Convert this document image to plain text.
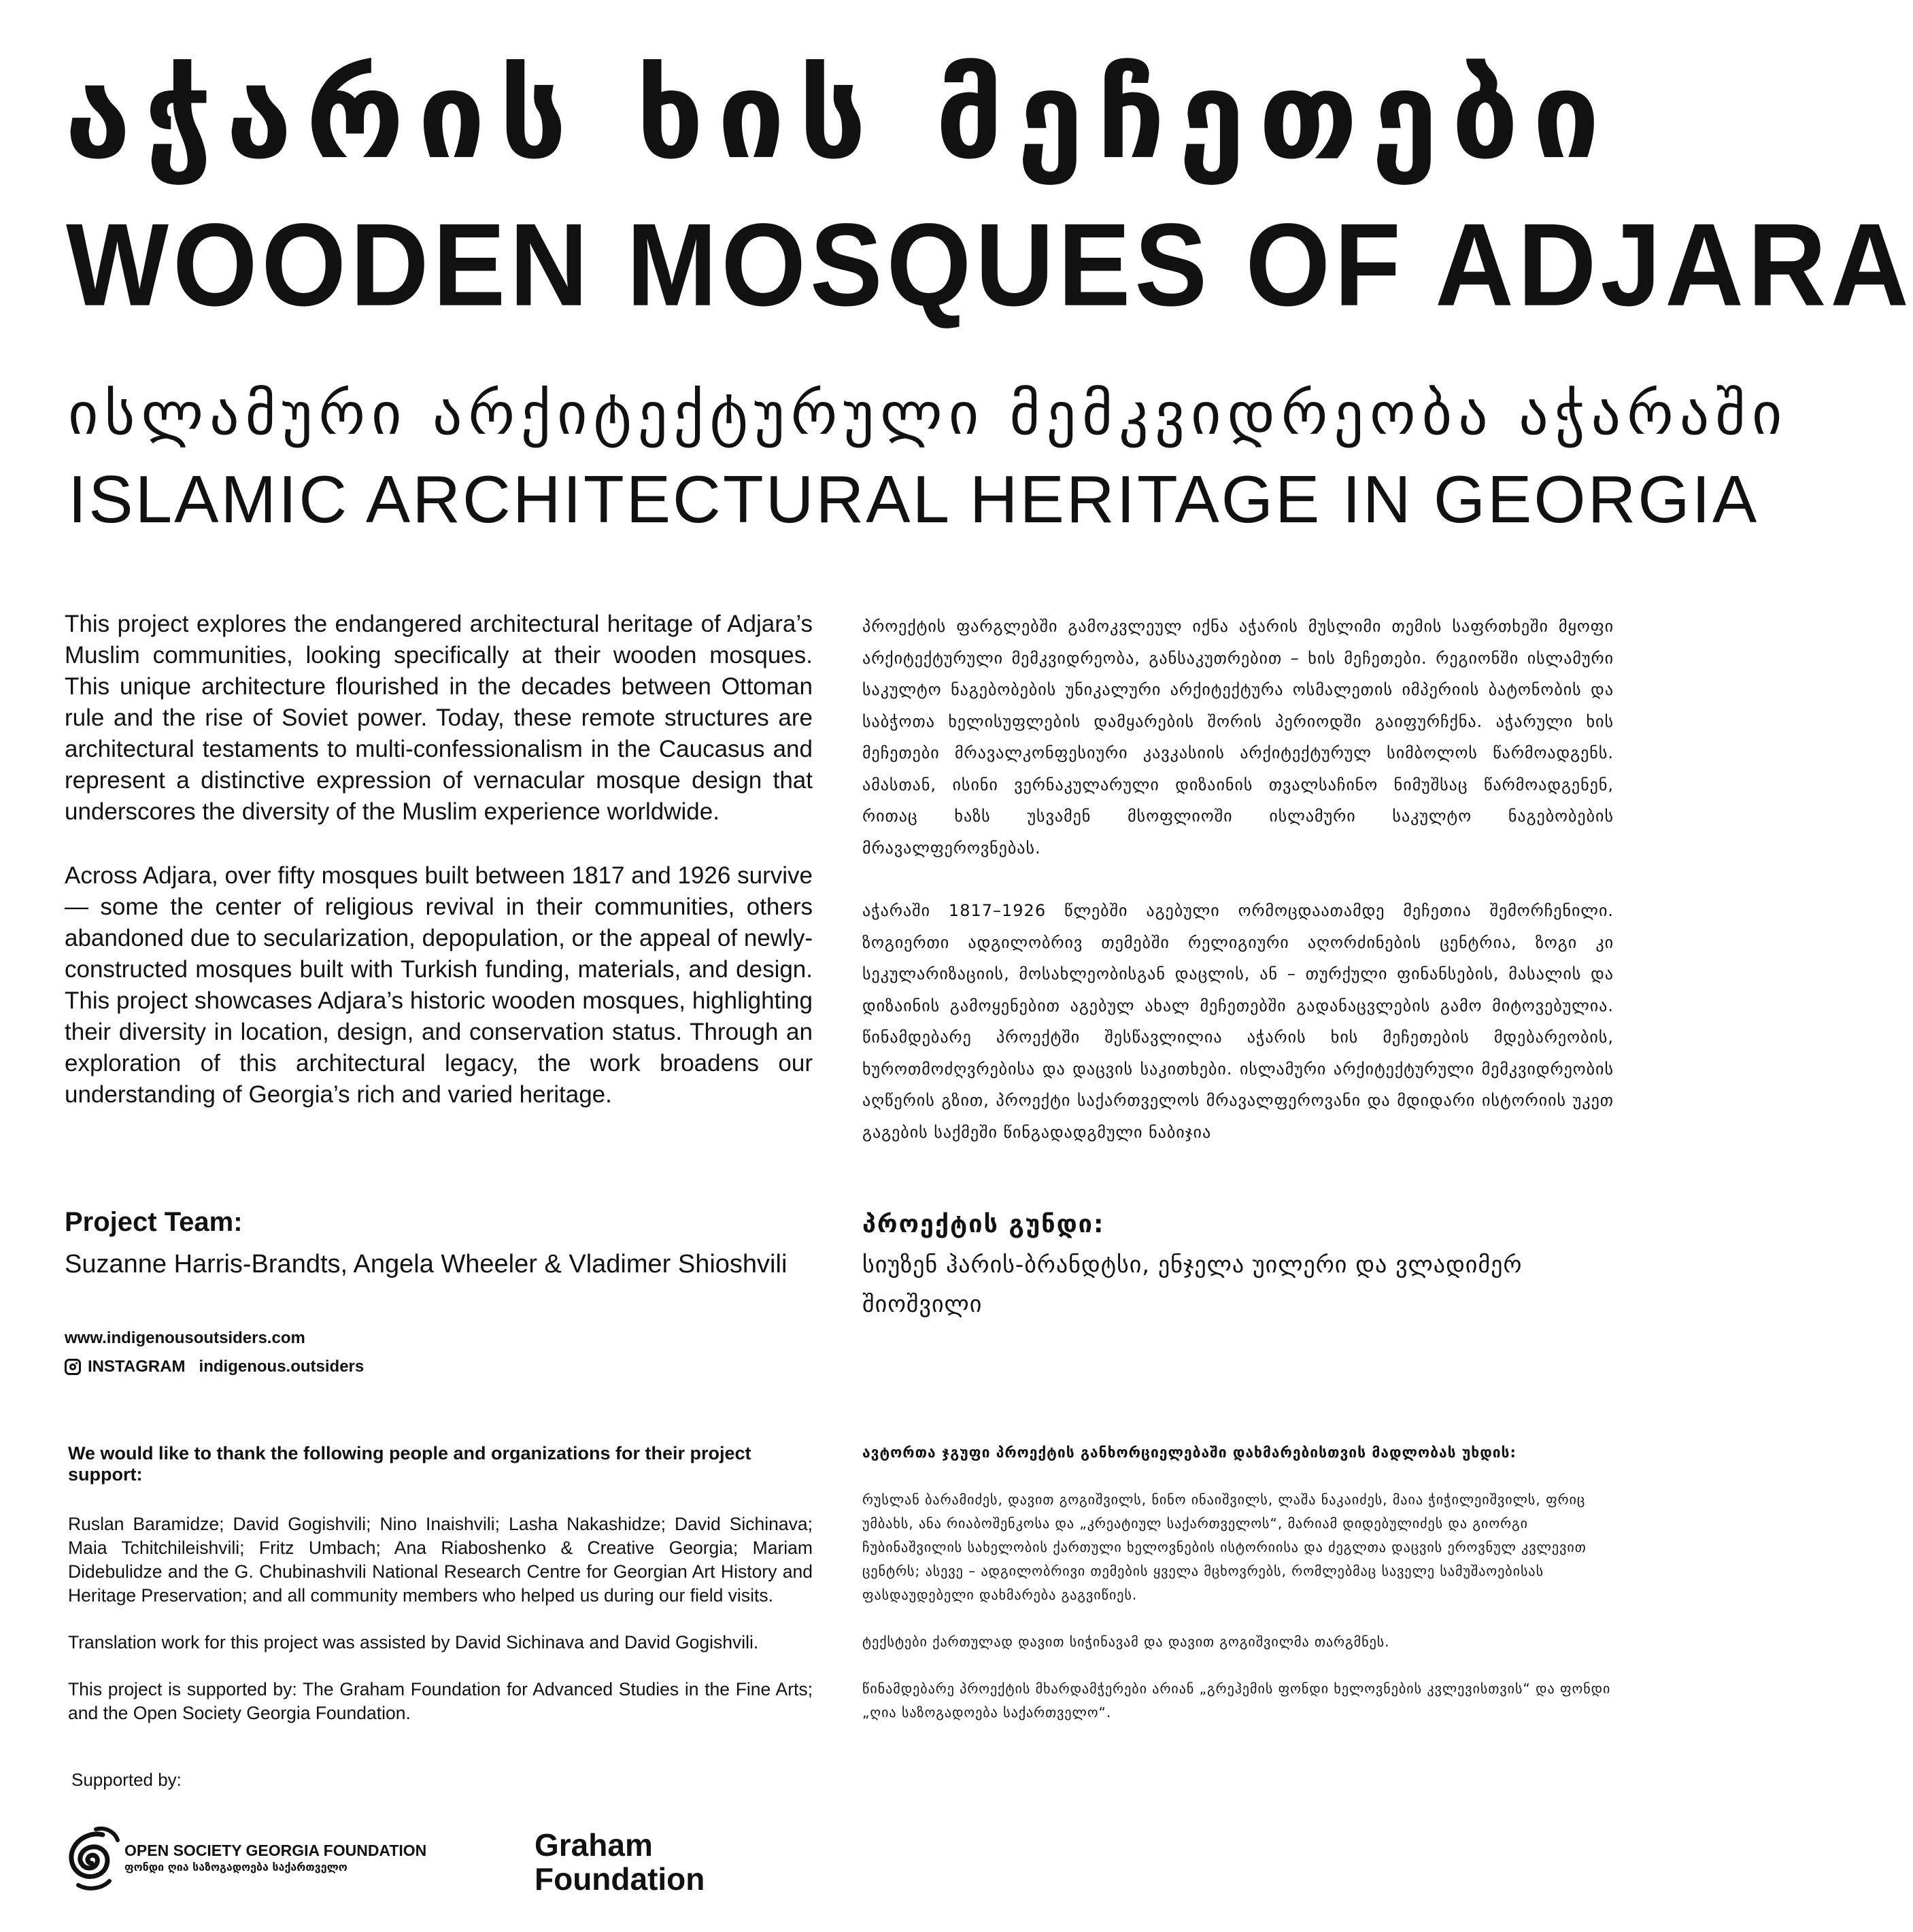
აჭარის ხის მეჩეთები
WOODEN MOSQUES OF ADJARA
ისლამური არქიტექტურული მემკვიდრეობა აჭარაში
ISLAMIC ARCHITECTURAL HERITAGE IN GEORGIA

This project explores the endangered architectural heritage of Adjara’s Muslim communities, looking specifically at their wooden mosques. This unique architecture flourished in the decades between Ottoman rule and the rise of Soviet power. Today, these remote structures are architectural testaments to multi-confessionalism in the Caucasus and represent a distinctive expression of vernacular mosque design that underscores the diversity of the Muslim experience worldwide.

Across Adjara, over fifty mosques built between 1817 and 1926 survive — some the center of religious revival in their communities, others abandoned due to secularization, depopulation, or the appeal of newly-constructed mosques built with Turkish funding, materials, and design. This project showcases Adjara’s historic wooden mosques, highlighting their diversity in location, design, and conservation status. Through an exploration of this architectural legacy, the work broadens our understanding of Georgia’s rich and varied heritage.

პროექტის ფარგლებში გამოკვლეულ იქნა აჭარის მუსლიმი თემის საფრთხეში მყოფი არქიტექტურული მემკვიდრეობა, განსაკუთრებით – ხის მეჩეთები. რეგიონში ისლამური საკულტო ნაგებობების უნიკალური არქიტექტურა ოსმალეთის იმპერიის ბატონობის და საბჭოთა ხელისუფლების დამყარების შორის პერიოდში გაიფურჩქნა. აჭარული ხის მეჩეთები მრავალკონფესიური კავკასიის არქიტექტურულ სიმბოლოს წარმოადგენს. ამასთან, ისინი ვერნაკულარული დიზაინის თვალსაჩინო ნიმუშსაც წარმოადგენენ, რითაც ხაზს უსვამენ მსოფლიოში ისლამური საკულტო ნაგებობების მრავალფეროვნებას.

აჭარაში 1817–1926 წლებში აგებული ორმოცდაათამდე მეჩეთია შემორჩენილი. ზოგიერთი ადგილობრივ თემებში რელიგიური აღორძინების ცენტრია, ზოგი კი სეკულარიზაციის, მოსახლეობისგან დაცლის, ან – თურქული ფინანსების, მასალის და დიზაინის გამოყენებით აგებულ ახალ მეჩეთებში გადანაცვლების გამო მიტოვებულია. წინამდებარე პროექტში შესწავლილია აჭარის ხის მეჩეთების მდებარეობის, ხუროთმოძღვრებისა და დაცვის საკითხები. ისლამური არქიტექტურული მემკვიდრეობის აღწერის გზით, პროექტი საქართველოს მრავალფეროვანი და მდიდარი ისტორიის უკეთ გაგების საქმეში წინგადადგმული ნაბიჯია

Project Team:
Suzanne Harris-Brandts, Angela Wheeler & Vladimer Shioshvili
პროექტის გუნდი:
სიუზენ ჰარის-ბრანდტსი, ენჯელა უილერი და ვლადიმერ შიოშვილი
www.indigenousoutsiders.com
INSTAGRAM indigenous.outsiders
We would like to thank the following people and organizations for their project support:

Ruslan Baramidze; David Gogishvili; Nino Inaishvili; Lasha Nakashidze; David Sichinava; Maia Tchitchileishvili; Fritz Umbach; Ana Riaboshenko & Creative Georgia; Mariam Didebulidze and the G. Chubinashvili National Research Centre for Georgian Art History and Heritage Preservation; and all community members who helped us during our field visits.

Translation work for this project was assisted by David Sichinava and David Gogishvili.

This project is supported by: The Graham Foundation for Advanced Studies in the Fine Arts; and the Open Society Georgia Foundation.

ავტორთა ჯგუფი პროექტის განხორციელებაში დახმარებისთვის მადლობას უხდის:

რუსლან ბარამიძეს, დავით გოგიშვილს, ნინო ინაიშვილს, ლაშა ნაკაიძეს, მაია ჭიჭილეიშვილს, ფრიც უმბახს, ანა რიაბოშენკოსა და „კრეატიულ საქართველოს“, მარიამ დიდებულიძეს და გიორგი ჩუბინაშვილის სახელობის ქართული ხელოვნების ისტორიისა და ძეგლთა დაცვის ეროვნულ კვლევით ცენტრს; ასევე – ადგილობრივი თემების ყველა მცხოვრებს, რომლებმაც საველე სამუშაოებისას ფასდაუდებელი დახმარება გაგვიწიეს.

ტექსტები ქართულად დავით სიჭინავამ და დავით გოგიშვილმა თარგმნეს.

წინამდებარე პროექტის მხარდამჭერები არიან „გრეჰემის ფონდი ხელოვნების კვლევისთვის“ და ფონდი „ღია საზოგადოება საქართველო“.

Supported by:
OPEN SOCIETY GEORGIA FOUNDATION
ფონდი ღია საზოგადოება საქართველო
Graham
Foundation
